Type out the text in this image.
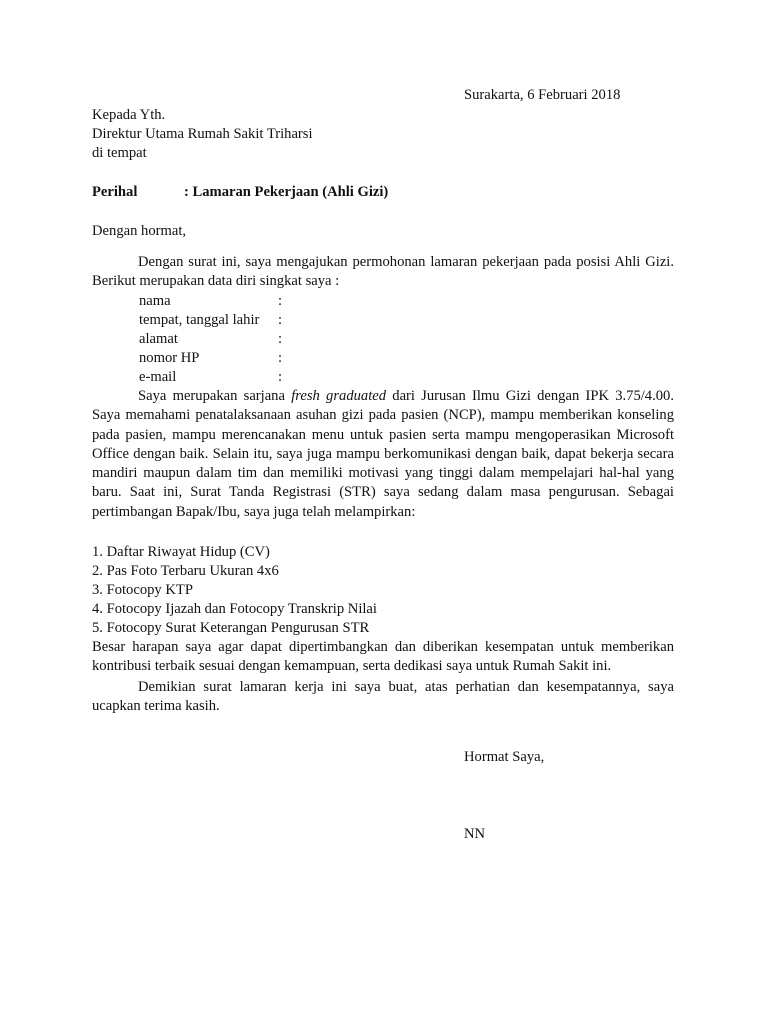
Surakarta, 6 Februari 2018
Kepada Yth.
Direktur Utama Rumah Sakit Triharsi
di tempat
Perihal	: Lamaran Pekerjaan (Ahli Gizi)
Dengan hormat,

Dengan surat ini, saya mengajukan permohonan lamaran pekerjaan pada posisi Ahli Gizi. Berikut merupakan data diri singkat saya :

nama	:
tempat, tanggal lahir :
alamat	:
nomor HP	:
e-mail	:

Saya merupakan sarjana fresh graduated dari Jurusan Ilmu Gizi dengan IPK 3.75/4.00. Saya memahami penatalaksanaan asuhan gizi pada pasien (NCP), mampu memberikan konseling pada pasien, mampu merencanakan menu untuk pasien serta mampu mengoperasikan Microsoft Office dengan baik. Selain itu, saya juga mampu berkomunikasi dengan baik, dapat bekerja secara mandiri maupun dalam tim dan memiliki motivasi yang tinggi dalam mempelajari hal-hal yang baru. Saat ini, Surat Tanda Registrasi (STR) saya sedang dalam masa pengurusan. Sebagai pertimbangan Bapak/Ibu, saya juga telah melampirkan:

1. Daftar Riwayat Hidup (CV)
2. Pas Foto Terbaru Ukuran 4x6
3. Fotocopy KTP
4. Fotocopy Ijazah dan Fotocopy Transkrip Nilai
5. Fotocopy Surat Keterangan Pengurusan STR

Besar harapan saya agar dapat dipertimbangkan dan diberikan kesempatan untuk memberikan kontribusi terbaik sesuai dengan kemampuan, serta dedikasi saya untuk Rumah Sakit ini.

Demikian surat lamaran kerja ini saya buat, atas perhatian dan kesempatannya, saya ucapkan terima kasih.

Hormat Saya,
NN
